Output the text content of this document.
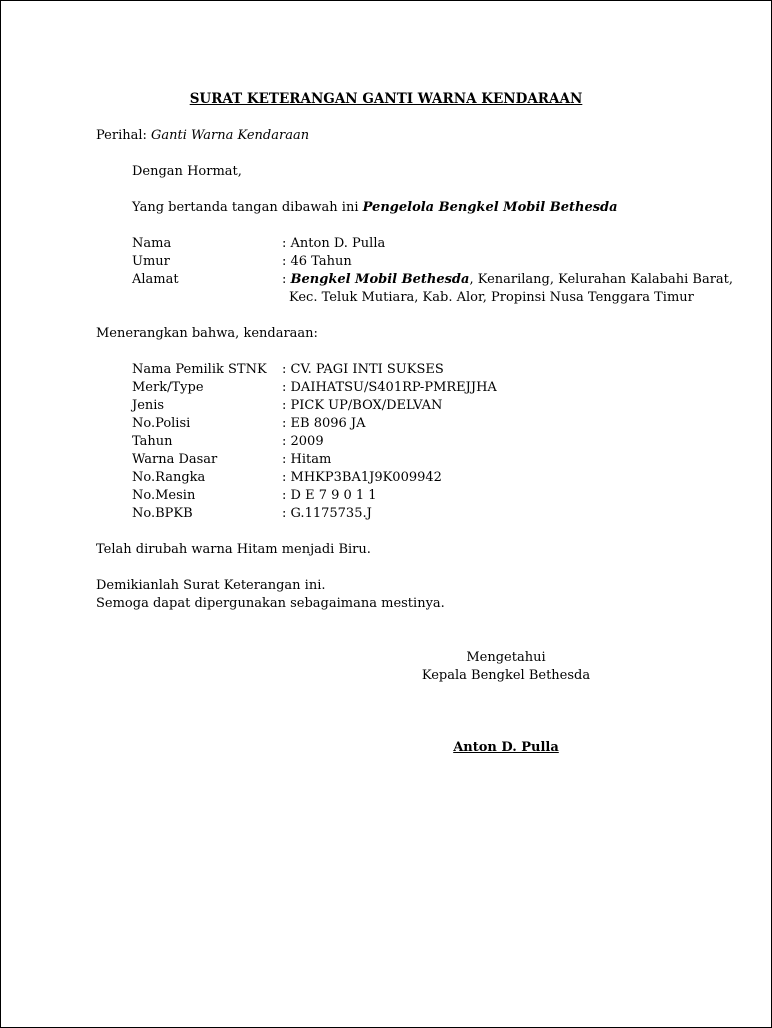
SURAT KETERANGAN GANTI WARNA KENDARAAN
Perihal: Ganti Warna Kendaraan
Dengan Hormat,
Yang bertanda tangan dibawah ini Pengelola Bengkel Mobil Bethesda
Nama	: Anton D. Pulla
Umur	: 46 Tahun
Alamat	: Bengkel Mobil Bethesda, Kenarilang, Kelurahan Kalabahi Barat,
Kec. Teluk Mutiara, Kab. Alor, Propinsi Nusa Tenggara Timur
Menerangkan bahwa, kendaraan:
Nama Pemilik STNK : CV. PAGI INTI SUKSES
Merk/Type	: DAIHATSU/S401RP-PMREJJHA
Jenis	: PICK UP/BOX/DELVAN
No.Polisi	: EB 8096 JA
Tahun	: 2009
Warna Dasar	: Hitam
No.Rangka	: MHKP3BA1J9K009942
No.Mesin	: D E 7 9 0 1 1
No.BPKB	: G.1175735.J
Telah dirubah warna Hitam menjadi Biru.
Demikianlah Surat Keterangan ini.
Semoga dapat dipergunakan sebagaimana mestinya.
Mengetahui
Kepala Bengkel Bethesda
Anton D. Pulla
